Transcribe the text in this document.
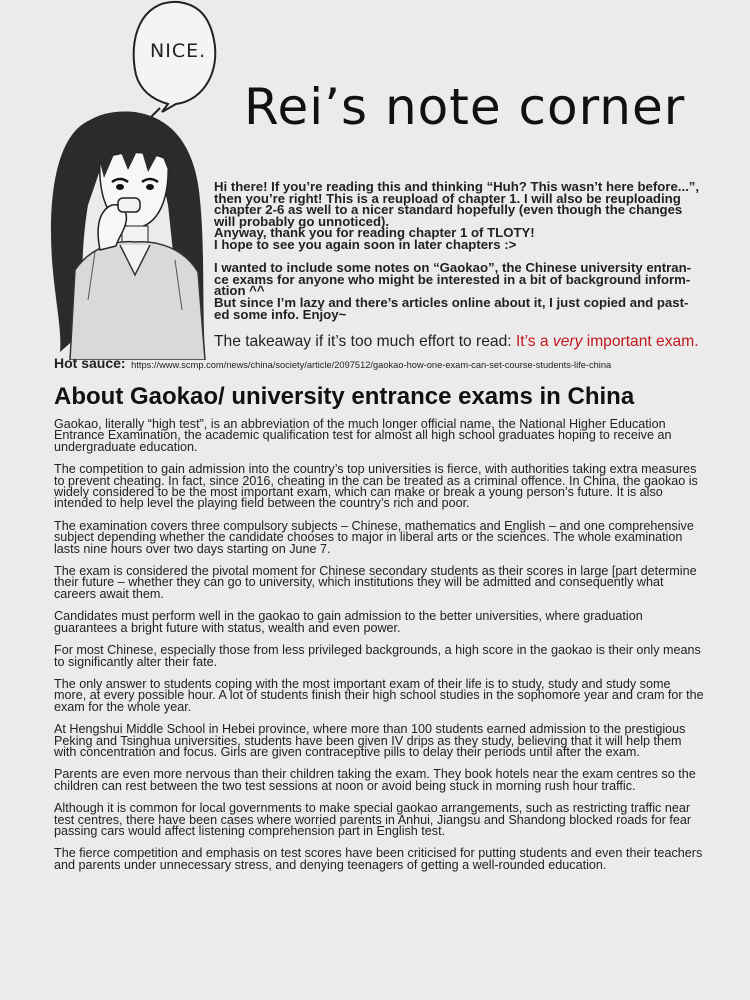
NICE.
Rei’s note corner
Hi there! If you’re reading this and thinking “Huh? This wasn’t here before...”,
then you’re right! This is a reupload of chapter 1. I will also be reuploading
chapter 2-6 as well to a nicer standard hopefully (even though the changes
will probably go unnoticed).
Anyway, thank you for reading chapter 1 of TLOTY!
I hope to see you again soon in later chapters :>
I wanted to include some notes on “Gaokao”, the Chinese university entran-
ce exams for anyone who might be interested in a bit of background inform-
ation ^^
But since I’m lazy and there’s articles online about it, I just copied and past-
ed some info. Enjoy~
The takeaway if it’s too much effort to read: It’s a very important exam.
Hot sauce: https://www.scmp.com/news/china/society/article/2097512/gaokao-how-one-exam-can-set-course-students-life-china
About Gaokao/ university entrance exams in China

Gaokao, literally “high test”, is an abbreviation of the much longer official name, the National Higher Education Entrance Examination, the academic qualification test for almost all high school graduates hoping to receive an undergraduate education.

The competition to gain admission into the country’s top universities is fierce, with authorities taking extra measures to prevent cheating. In fact, since 2016, cheating in the can be treated as a criminal offence. In China, the gaokao is widely considered to be the most important exam, which can make or break a young person’s future. It is also intended to help level the playing field between the country’s rich and poor.

The examination covers three compulsory subjects – Chinese, mathematics and English – and one comprehensive subject depending whether the candidate chooses to major in liberal arts or the sciences. The whole examination lasts nine hours over two days starting on June 7.

The exam is considered the pivotal moment for Chinese secondary students as their scores in large [part determine their future – whether they can go to university, which institutions they will be admitted and consequently what careers await them.

Candidates must perform well in the gaokao to gain admission to the better universities, where graduation guarantees a bright future with status, wealth and even power.

For most Chinese, especially those from less privileged backgrounds, a high score in the gaokao is their only means to significantly alter their fate.

The only answer to students coping with the most important exam of their life is to study, study and study some more, at every possible hour. A lot of students finish their high school studies in the sophomore year and cram for the exam for the whole year.

At Hengshui Middle School in Hebei province, where more than 100 students earned admission to the prestigious Peking and Tsinghua universities, students have been given IV drips as they study, believing that it will help them with concentration and focus. Girls are given contraceptive pills to delay their periods until after the exam.

Parents are even more nervous than their children taking the exam. They book hotels near the exam centres so the children can rest between the two test sessions at noon or avoid being stuck in morning rush hour traffic.

Although it is common for local governments to make special gaokao arrangements, such as restricting traffic near test centres, there have been cases where worried parents in Anhui, Jiangsu and Shandong blocked roads for fear passing cars would affect listening comprehension part in English test.

The fierce competition and emphasis on test scores have been criticised for putting students and even their teachers and parents under unnecessary stress, and denying teenagers of getting a well-rounded education.
